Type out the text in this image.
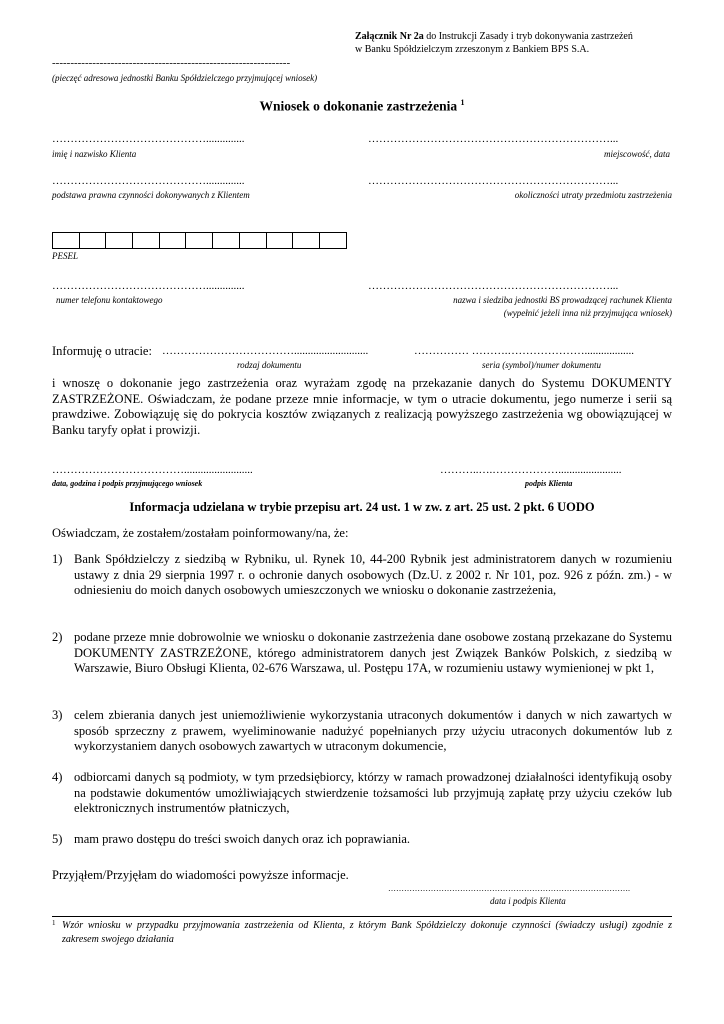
Załącznik Nr 2a do Instrukcji Zasady i tryb dokonywania zastrzeżeń
w Banku Spółdzielczym zrzeszonym z Bankiem BPS S.A.
-----------------------------------------------------------------
(pieczęć adresowa jednostki Banku Spółdzielczego przyjmującej wniosek)
Wniosek o dokonanie zastrzeżenia $^1$
……………………………………..............	…………………………………………………………...
imię i nazwisko Klienta	miejscowość, data
……………………………………..............	…………………………………………………………...
podstawa prawna czynności dokonywanych z Klientem	okoliczności utraty przedmiotu zastrzeżenia
PESEL
……………………………………..............	…………………………………………………………...
numer telefonu kontaktowego	nazwa i siedziba jednostki BS prowadzącej rachunek Klienta
(wypełnić jeżeli inna niż przyjmująca wniosek)
Informuję o utracie: ………………………………...........................	…………… ……….…………………..................
rodzaj dokumentu	seria (symbol)/numer dokumentu
i wnoszę o dokonanie jego zastrzeżenia oraz wyrażam zgodę na przekazanie danych do Systemu DOKUMENTY ZASTRZEŻONE. Oświadczam, że podane przeze mnie informacje, w tym o utracie dokumentu, jego numerze i serii są prawdziwe. Zobowiązuję się do pokrycia kosztów związanych z realizacją powyższego zastrzeżenia wg obowiązującej w Banku taryfy opłat i prowizji.
……………………………….........................	………..….……………….......................
data, godzina i podpis przyjmującego wniosek	podpis Klienta
Informacja udzielana w trybie przepisu art. 24 ust. 1 w zw. z art. 25 ust. 2 pkt. 6 UODO
Oświadczam, że zostałem/zostałam poinformowany/na, że:
1) Bank Spółdzielczy z siedzibą w Rybniku, ul. Rynek 10, 44-200 Rybnik jest administratorem danych w rozumieniu ustawy z dnia 29 sierpnia 1997 r. o ochronie danych osobowych (Dz.U. z 2002 r. Nr 101, poz. 926 z późn. zm.) - w odniesieniu do moich danych osobowych umieszczonych we wniosku o dokonanie zastrzeżenia,
2) podane przeze mnie dobrowolnie we wniosku o dokonanie zastrzeżenia dane osobowe zostaną przekazane do Systemu DOKUMENTY ZASTRZEŻONE, którego administratorem danych jest Związek Banków Polskich, z siedzibą w Warszawie, Biuro Obsługi Klienta, 02-676 Warszawa, ul. Postępu 17A, w rozumieniu ustawy wymienionej w pkt 1,
3) celem zbierania danych jest uniemożliwienie wykorzystania utraconych dokumentów i danych w nich zawartych w sposób sprzeczny z prawem, wyeliminowanie nadużyć popełnianych przy użyciu utraconych dokumentów lub z wykorzystaniem danych osobowych zawartych w utraconym dokumencie,
4) odbiorcami danych są podmioty, w tym przedsiębiorcy, którzy w ramach prowadzonej działalności identyfikują osoby na podstawie dokumentów umożliwiających stwierdzenie tożsamości lub przyjmują zapłatę przy użyciu czeków lub elektronicznych instrumentów płatniczych,
5) mam prawo dostępu do treści swoich danych oraz ich poprawiania.
Przyjąłem/Przyjęłam do wiadomości powyższe informacje.
……………………………………………………………………………….
data i podpis Klienta
1 Wzór wniosku w przypadku przyjmowania zastrzeżenia od Klienta, z którym Bank Spółdzielczy dokonuje czynności (świadczy usługi) zgodnie z zakresem swojego działania
